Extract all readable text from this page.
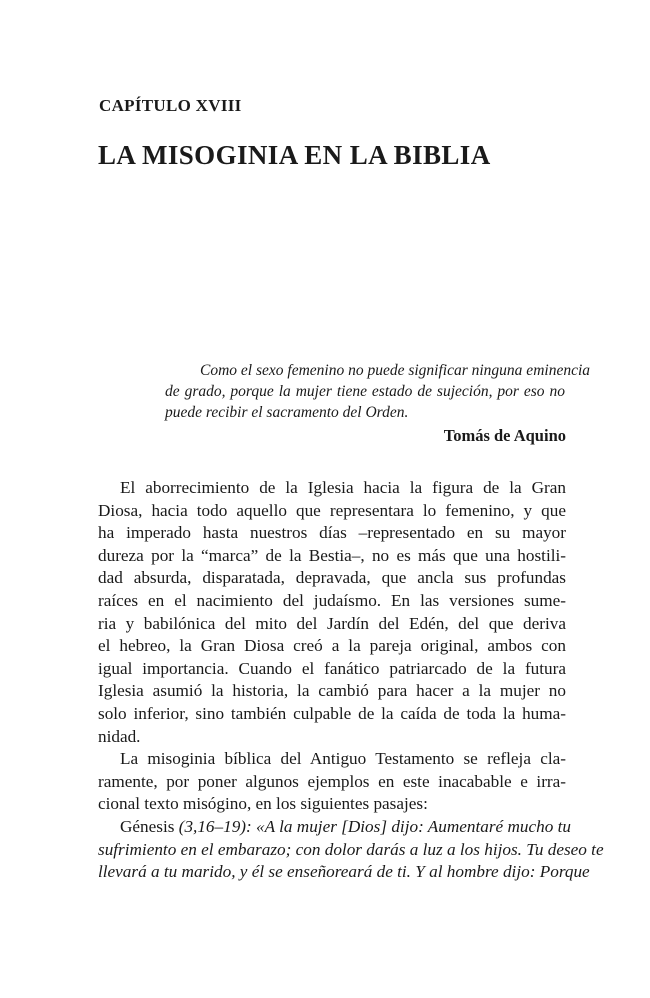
CAPÍTULO XVIII
LA MISOGINIA EN LA BIBLIA
Como el sexo femenino no puede significar ninguna eminencia
de grado, porque la mujer tiene estado de sujeción, por eso no
puede recibir el sacramento del Orden.
Tomás de Aquino
El aborrecimiento de la Iglesia hacia la figura de la Gran
Diosa, hacia todo aquello que representara lo femenino, y que
ha imperado hasta nuestros días –representado en su mayor
dureza por la “marca” de la Bestia–, no es más que una hostili-
dad absurda, disparatada, depravada, que ancla sus profundas
raíces en el nacimiento del judaísmo. En las versiones sume-
ria y babilónica del mito del Jardín del Edén, del que deriva
el hebreo, la Gran Diosa creó a la pareja original, ambos con
igual importancia. Cuando el fanático patriarcado de la futura
Iglesia asumió la historia, la cambió para hacer a la mujer no
solo inferior, sino también culpable de la caída de toda la huma-
nidad.
La misoginia bíblica del Antiguo Testamento se refleja cla-
ramente, por poner algunos ejemplos en este inacabable e irra-
cional texto misógino, en los siguientes pasajes:
Génesis (3,16–19): «A la mujer [Dios] dijo: Aumentaré mucho tu
sufrimiento en el embarazo; con dolor darás a luz a los hijos. Tu deseo te
llevará a tu marido, y él se enseñoreará de ti. Y al hombre dijo: Porque
